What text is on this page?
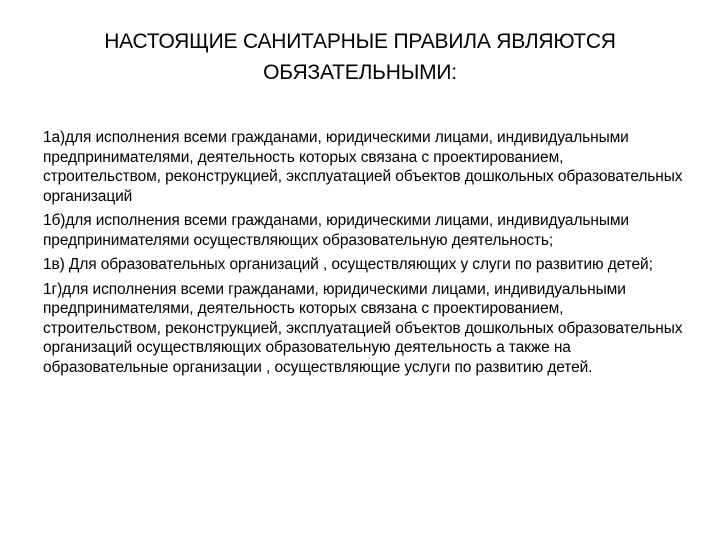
НАСТОЯЩИЕ САНИТАРНЫЕ ПРАВИЛА ЯВЛЯЮТСЯ ОБЯЗАТЕЛЬНЫМИ:
1а)для исполнения всеми гражданами, юридическими лицами, индивидуальными предпринимателями, деятельность которых связана с проектированием, строительством, реконструкцией, эксплуатацией объектов дошкольных образовательных организаций
1б)для исполнения всеми гражданами, юридическими лицами, индивидуальными предпринимателями осуществляющих образовательную деятельность;
1в) Для образовательных организаций , осуществляющих у слуги по развитию детей;
1г)для исполнения всеми гражданами, юридическими лицами, индивидуальными предпринимателями, деятельность которых связана с проектированием, строительством, реконструкцией, эксплуатацией объектов дошкольных образовательных организаций осуществляющих образовательную деятельность а также на образовательные организации , осуществляющие услуги по развитию детей.
